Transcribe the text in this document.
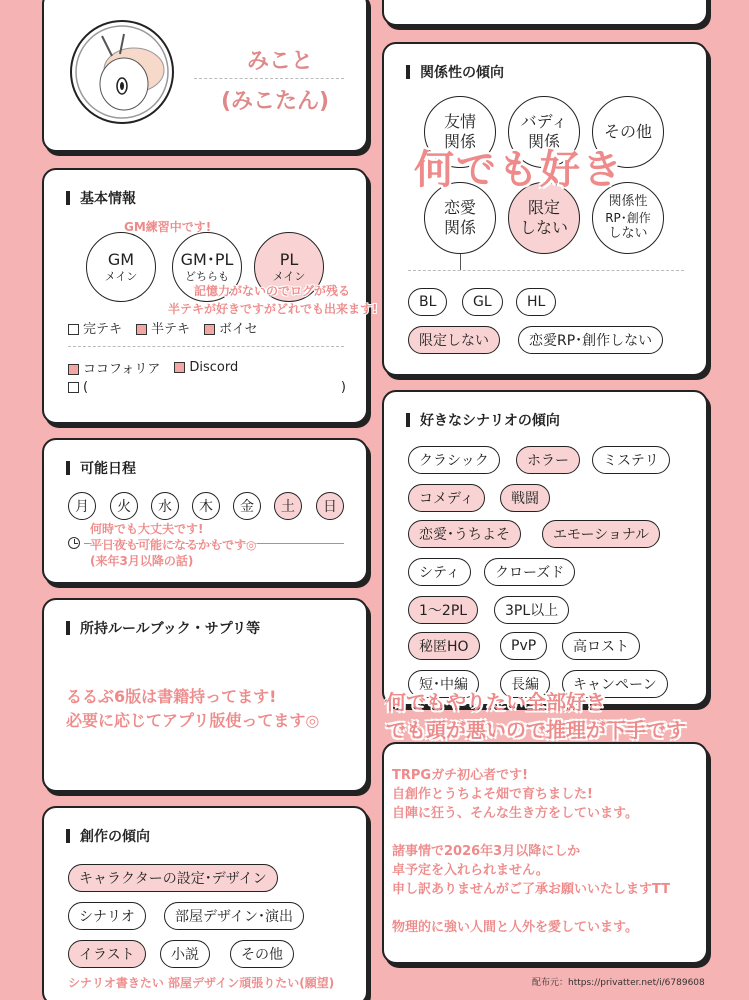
みこと
(みこたん)
基本情報
GM
メイン
GM･PL
どちらも
PL
メイン
GM練習中です!
記憶力がないのでログが残る
半テキが好きですがどれでも出来ます!
完テキ	半テキ	ボイセ
ココフォリア	Discord
(	)
可能日程
月	火	水	木	金	土	日
何時でも大丈夫です!
平日夜も可能になるかもです◎
(来年3月以降の話)
所持ルールブック・サプリ等
るるぶ6版は書籍持ってます!
必要に応じてアプリ版使ってます◎
創作の傾向
キャラクターの設定･デザイン
シナリオ	部屋デザイン･演出
イラスト	小説	その他
シナリオ書きたい 部屋デザイン頑張りたい(願望)
関係性の傾向
友情
関係
バディ
関係
その他
恋愛
関係
限定
しない
関係性
RP･創作
しない
何でも好き
BL	GL	HL
限定しない	恋愛RP･創作しない
好きなシナリオの傾向
クラシック	ホラー	ミステリ
コメディ	戦闘
恋愛･うちよそ	エモーショナル
シティ	クローズド
1〜2PL	3PL以上
秘匿HO	PvP	高ロスト
短･中編	長編	キャンペーン
何でもやりたい全部好き
でも頭が悪いので推理が下手です
TRPGガチ初心者です!
自創作とうちよそ畑で育ちました!
自陣に狂う、そんな生き方をしています。
諸事情で2026年3月以降にしか
卓予定を入れられません。
申し訳ありませんがご了承お願いいたしますTT
物理的に強い人間と人外を愛しています。
配布元：https://privatter.net/i/6789608
